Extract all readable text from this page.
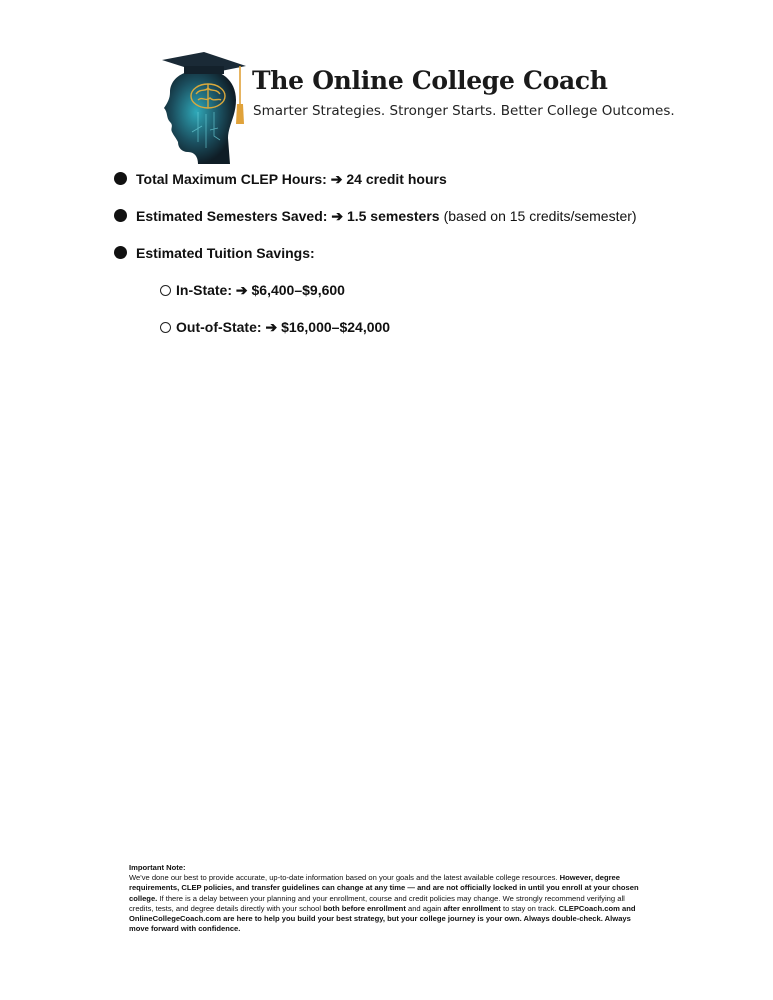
The Online College Coach

Smarter Strategies. Stronger Starts. Better College Outcomes.

Total Maximum CLEP Hours: ➔ 24 credit hours
Estimated Semesters Saved: ➔ 1.5 semesters (based on 15 credits/semester)
Estimated Tuition Savings:
In-State: ➔ $6,400–$9,600
Out-of-State: ➔ $16,000–$24,000

Important Note:

We've done our best to provide accurate, up-to-date information based on your goals and the latest available college resources. However, degree requirements, CLEP policies, and transfer guidelines can change at any time — and are not officially locked in until you enroll at your chosen college. If there is a delay between your planning and your enrollment, course and credit policies may change. We strongly recommend verifying all credits, tests, and degree details directly with your school both before enrollment and again after enrollment to stay on track. CLEPCoach.com and OnlineCollegeCoach.com are here to help you build your best strategy, but your college journey is your own. Always double-check. Always move forward with confidence.
